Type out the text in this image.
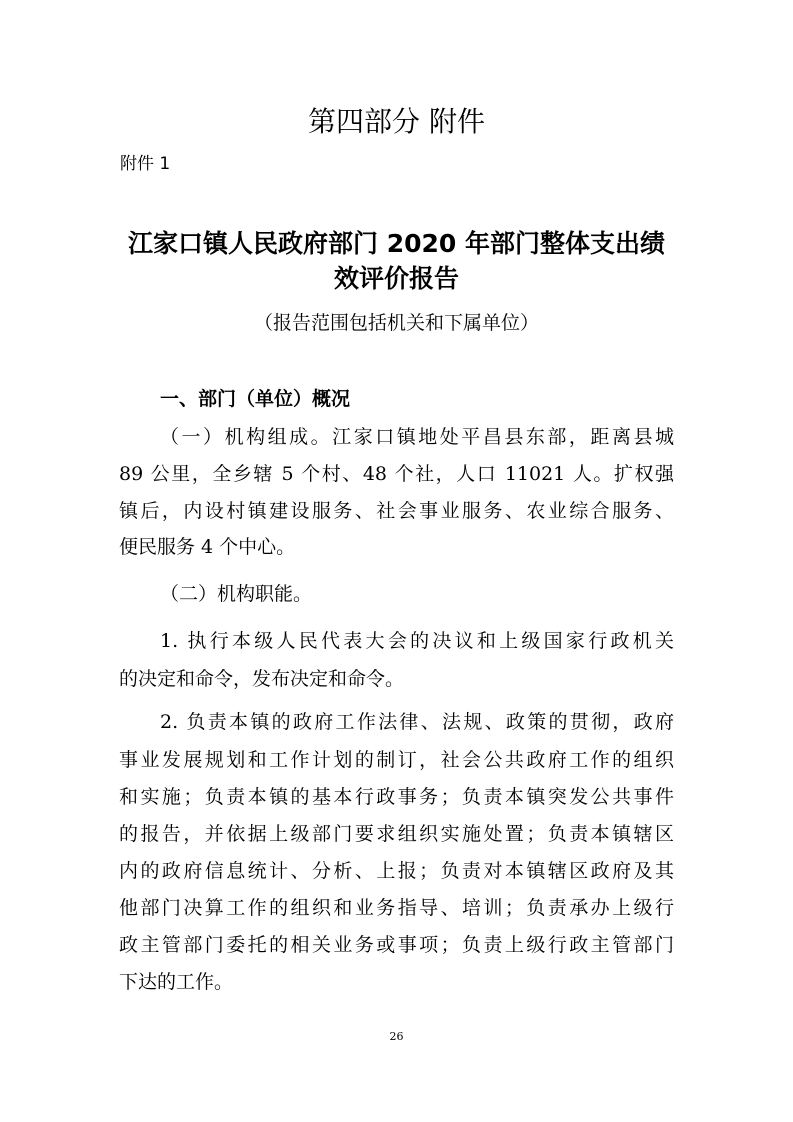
第四部分 附件
附件 1
江家口镇人民政府部门 2020 年部门整体支出绩
效评价报告
（报告范围包括机关和下属单位）
一、部门（单位）概况
（一）机构组成。江家口镇地处平昌县东部，距离县城
89 公里，全乡辖 5 个村、48 个社，人口 11021 人。扩权强
镇后，内设村镇建设服务、社会事业服务、农业综合服务、
便民服务 4 个中心。
（二）机构职能。
1. 执行本级人民代表大会的决议和上级国家行政机关
的决定和命令，发布决定和命令。
2. 负责本镇的政府工作法律、法规、政策的贯彻，政府
事业发展规划和工作计划的制订，社会公共政府工作的组织
和实施；负责本镇的基本行政事务；负责本镇突发公共事件
的报告，并依据上级部门要求组织实施处置；负责本镇辖区
内的政府信息统计、分析、上报；负责对本镇辖区政府及其
他部门决算工作的组织和业务指导、培训；负责承办上级行
政主管部门委托的相关业务或事项；负责上级行政主管部门
下达的工作。
26
